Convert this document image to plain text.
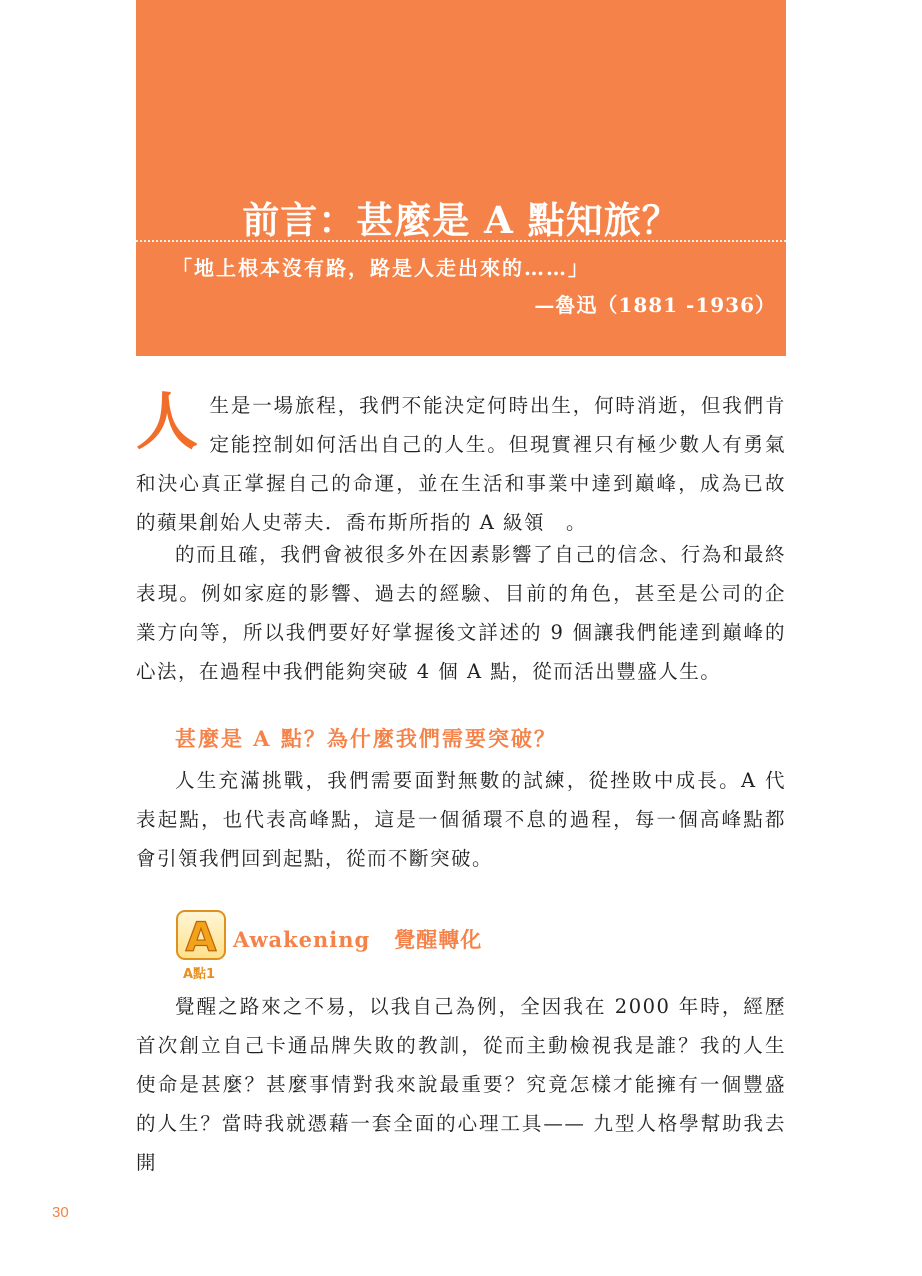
前言：甚麼是 A 點知旅？
「地上根本沒有路，路是人走出來的……」
—魯迅（1881 -1936）
人生是一場旅程，我們不能決定何時出生，何時消逝，但我們肯定能控制如何活出自己的人生。但現實裡只有極少數人有勇氣和決心真正掌握自己的命運，並在生活和事業中達到巔峰，成為已故的蘋果創始人史蒂夫．喬布斯所指的 A 級領　。

的而且確，我們會被很多外在因素影響了自己的信念、行為和最終表現。例如家庭的影響、過去的經驗、目前的角色，甚至是公司的企業方向等，所以我們要好好掌握後文詳述的 9 個讓我們能達到巔峰的心法，在過程中我們能夠突破 4 個 A 點，從而活出豐盛人生。

甚麼是 A 點？為什麼我們需要突破？

人生充滿挑戰，我們需要面對無數的試練，從挫敗中成長。A 代表起點，也代表高峰點，這是一個循環不息的過程，每一個高峰點都會引領我們回到起點，從而不斷突破。

A
A點1
Awakening 覺醒轉化

覺醒之路來之不易，以我自己為例，全因我在 2000 年時，經歷首次創立自己卡通品牌失敗的教訓，從而主動檢視我是誰？我的人生使命是甚麼？甚麼事情對我來說最重要？究竟怎樣才能擁有一個豐盛的人生？當時我就憑藉一套全面的心理工具—— 九型人格學幫助我去開

30
